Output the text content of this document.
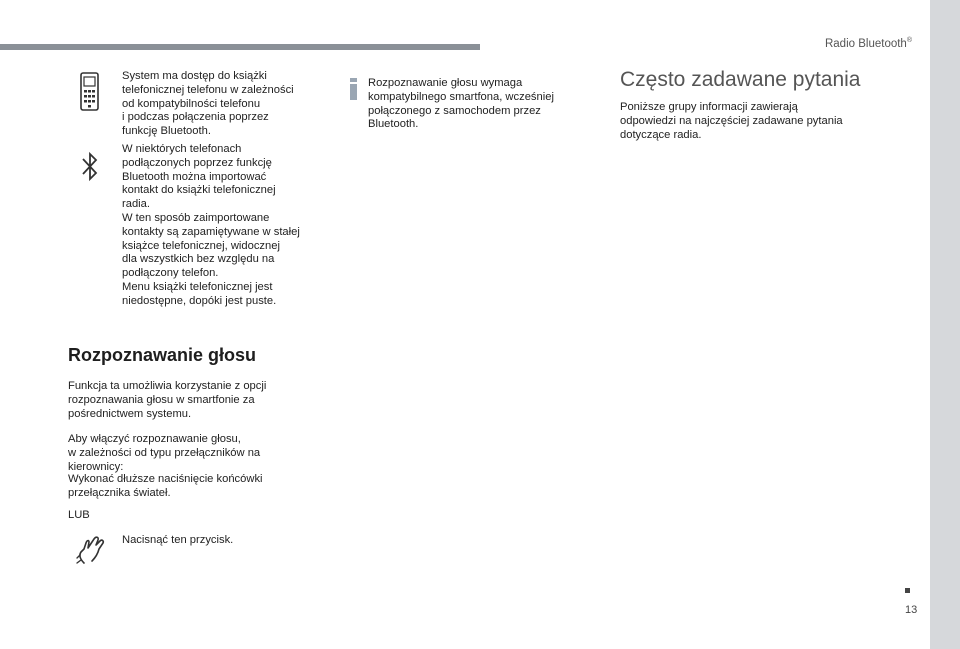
Radio Bluetooth®
System ma dostęp do książki
telefonicznej telefonu w zależności
od kompatybilności telefonu
i podczas połączenia poprzez
funkcję Bluetooth.
W niektórych telefonach
podłączonych poprzez funkcję
Bluetooth można importować
kontakt do książki telefonicznej
radia.
W ten sposób zaimportowane
kontakty są zapamiętywane w stałej
książce telefonicznej, widocznej
dla wszystkich bez względu na
podłączony telefon.
Menu książki telefonicznej jest
niedostępne, dopóki jest puste.
Rozpoznawanie głosu
Funkcja ta umożliwia korzystanie z opcji
rozpoznawania głosu w smartfonie za
pośrednictwem systemu.
Aby włączyć rozpoznawanie głosu,
w zależności od typu przełączników na
kierownicy:
Wykonać dłuższe naciśnięcie końcówki
przełącznika świateł.
LUB
Nacisnąć ten przycisk.
Rozpoznawanie głosu wymaga
kompatybilnego smartfona, wcześniej
połączonego z samochodem przez
Bluetooth.
Często zadawane pytania
Poniższe grupy informacji zawierają
odpowiedzi na najczęściej zadawane pytania
dotyczące radia.
13
